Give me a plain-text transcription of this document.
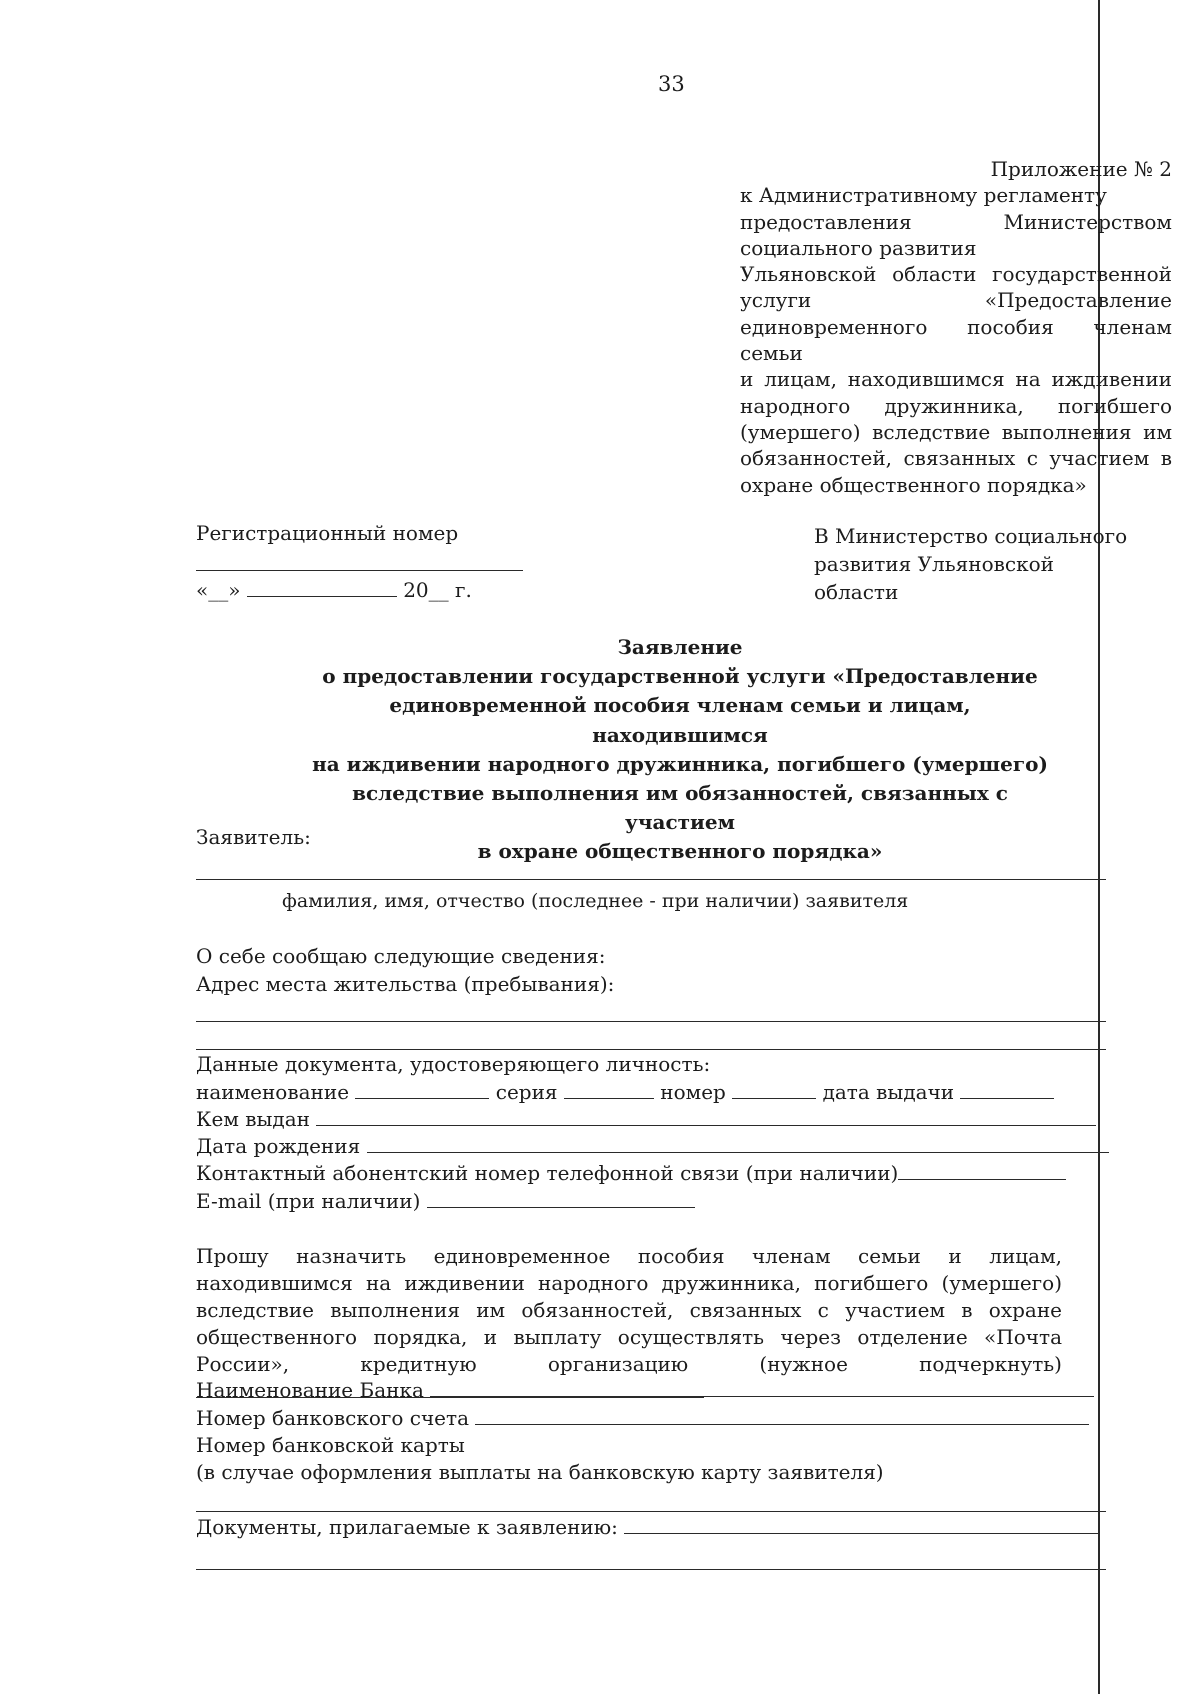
33
Приложение № 2
к Административному регламенту
предоставления Министерством
социального развития
Ульяновской области государственной
услуги «Предоставление
единовременного пособия членам семьи
и лицам, находившимся на иждивении
народного дружинника, погибшего
(умершего) вследствие выполнения им
обязанностей, связанных с участием в
охране общественного порядка»
Регистрационный номер
«__»	20__ г.
В Министерство социального
развития Ульяновской области
Заявление
о предоставлении государственной услуги «Предоставление
единовременной пособия членам семьи и лицам, находившимся
на иждивении народного дружинника, погибшего (умершего)
вследствие выполнения им обязанностей, связанных с участием
в охране общественного порядка»
Заявитель:
фамилия, имя, отчество (последнее - при наличии) заявителя
О себе сообщаю следующие сведения:
Адрес места жительства (пребывания):
Данные документа, удостоверяющего личность:
наименование	серия	номер	дата выдачи
Кем выдан
Дата рождения
Контактный абонентский номер телефонной связи (при наличии)
E-mail (при наличии)
Прошу назначить единовременное пособия членам семьи и лицам, находившимся на иждивении народного дружинника, погибшего (умершего) вследствие выполнения им обязанностей, связанных с участием в охране общественного порядка, и выплату осуществлять через отделение «Почта России», кредитную организацию (нужное подчеркнуть)
Наименование Банка
Номер банковского счета
Номер банковской карты
(в случае оформления выплаты на банковскую карту заявителя)
Документы, прилагаемые к заявлению:
